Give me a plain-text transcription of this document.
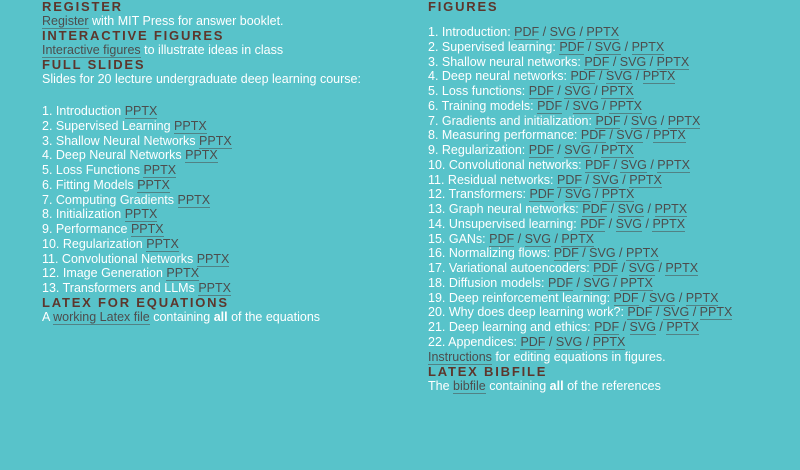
REGISTER

Register with MIT Press for answer booklet.

INTERACTIVE FIGURES

Interactive figures to illustrate ideas in class

FULL SLIDES

Slides for 20 lecture undergraduate deep learning course:

1. Introduction PPTX
2. Supervised Learning PPTX
3. Shallow Neural Networks PPTX
4. Deep Neural Networks PPTX
5. Loss Functions PPTX
6. Fitting Models PPTX
7. Computing Gradients PPTX
8. Initialization PPTX
9. Performance PPTX
10. Regularization PPTX
11. Convolutional Networks PPTX
12. Image Generation PPTX
13. Transformers and LLMs PPTX
LATEX FOR EQUATIONS

A working Latex file containing all of the equations

FIGURES
1. Introduction: PDF / SVG / PPTX
2. Supervised learning: PDF / SVG / PPTX
3. Shallow neural networks: PDF / SVG / PPTX
4. Deep neural networks: PDF / SVG / PPTX
5. Loss functions: PDF / SVG / PPTX
6. Training models: PDF / SVG / PPTX
7. Gradients and initialization: PDF / SVG / PPTX
8. Measuring performance: PDF / SVG / PPTX
9. Regularization: PDF / SVG / PPTX
10. Convolutional networks: PDF / SVG / PPTX
11. Residual networks: PDF / SVG / PPTX
12. Transformers: PDF / SVG / PPTX
13. Graph neural networks: PDF / SVG / PPTX
14. Unsupervised learning: PDF / SVG / PPTX
15. GANs: PDF / SVG / PPTX
16. Normalizing flows: PDF / SVG / PPTX
17. Variational autoencoders: PDF / SVG / PPTX
18. Diffusion models: PDF / SVG / PPTX
19. Deep reinforcement learning: PDF / SVG / PPTX
20. Why does deep learning work?: PDF / SVG / PPTX
21. Deep learning and ethics: PDF / SVG / PPTX
22. Appendices: PDF / SVG / PPTX

Instructions for editing equations in figures.

LATEX BIBFILE

The bibfile containing all of the references
